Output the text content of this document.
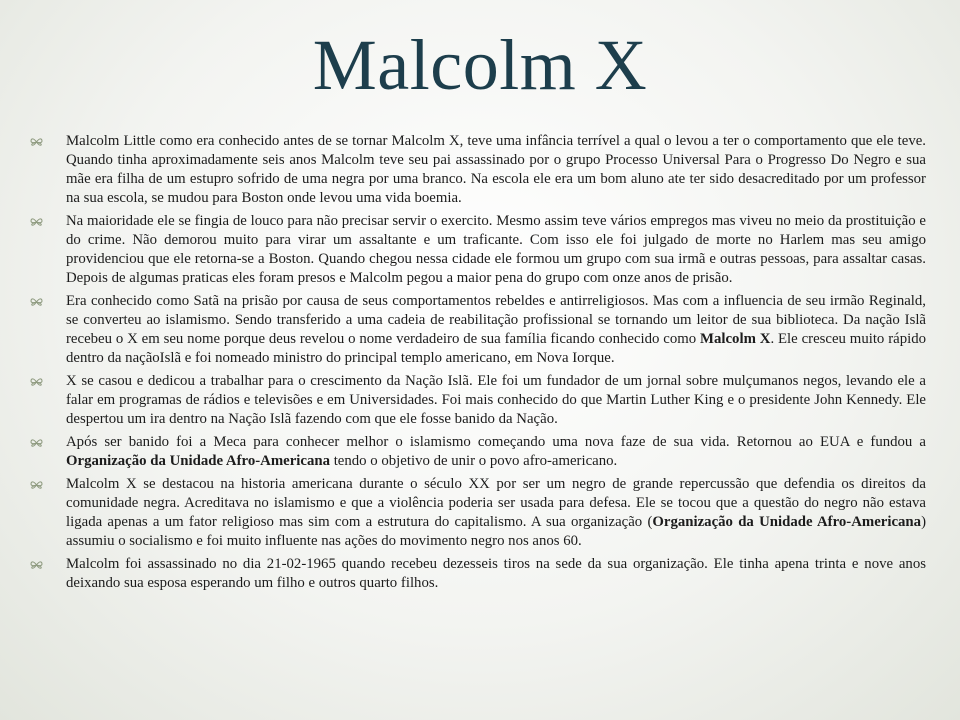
Malcolm X
Malcolm Little como era conhecido antes de se tornar Malcolm X, teve uma infância terrível a qual o levou a ter o comportamento que ele teve. Quando tinha aproximadamente seis anos Malcolm teve seu pai assassinado por o grupo Processo Universal Para o Progresso Do Negro e sua mãe era filha de um estupro sofrido de uma negra por uma branco. Na escola ele era um bom aluno ate ter sido desacreditado por um professor na sua escola, se mudou para Boston onde levou uma vida boemia.
Na maioridade ele se fingia de louco para não precisar servir o exercito. Mesmo assim teve vários empregos mas viveu no meio da prostituição e do crime. Não demorou muito para virar um assaltante e um traficante. Com isso ele foi julgado de morte no Harlem mas seu amigo providenciou que ele retorna-se a Boston. Quando chegou nessa cidade ele formou um grupo com sua irmã e outras pessoas, para assaltar casas. Depois de algumas praticas eles foram presos e Malcolm pegou a maior pena do grupo com onze anos de prisão.
Era conhecido como Satã na prisão por causa de seus comportamentos rebeldes e antirreligiosos. Mas com a influencia de seu irmão Reginald, se converteu ao islamismo. Sendo transferido a uma cadeia de reabilitação profissional se tornando um leitor de sua biblioteca. Da nação Islã recebeu o X em seu nome porque deus revelou o nome verdadeiro de sua família ficando conhecido como Malcolm X. Ele cresceu muito rápido dentro da naçãoIslã e foi nomeado ministro do principal templo americano, em Nova Iorque.
X se casou e dedicou a trabalhar para o crescimento da Nação Islã. Ele foi um fundador de um jornal sobre mulçumanos negos, levando ele a falar em programas de rádios e televisões e em Universidades. Foi mais conhecido do que Martin Luther King e o presidente John Kennedy. Ele despertou um ira dentro na Nação Islã fazendo com que ele fosse banido da Nação.
Após ser banido foi a Meca para conhecer melhor o islamismo começando uma nova faze de sua vida. Retornou ao EUA e fundou a Organização da Unidade Afro-Americana tendo o objetivo de unir o povo afro-americano.
Malcolm X se destacou na historia americana durante o século XX por ser um negro de grande repercussão que defendia os direitos da comunidade negra. Acreditava no islamismo e que a violência poderia ser usada para defesa. Ele se tocou que a questão do negro não estava ligada apenas a um fator religioso mas sim com a estrutura do capitalismo. A sua organização (Organização da Unidade Afro-Americana) assumiu o socialismo e foi muito influente nas ações do movimento negro nos anos 60.
Malcolm foi assassinado no dia 21-02-1965 quando recebeu dezesseis tiros na sede da sua organização. Ele tinha apena trinta e nove anos deixando sua esposa esperando um filho e outros quarto filhos.
